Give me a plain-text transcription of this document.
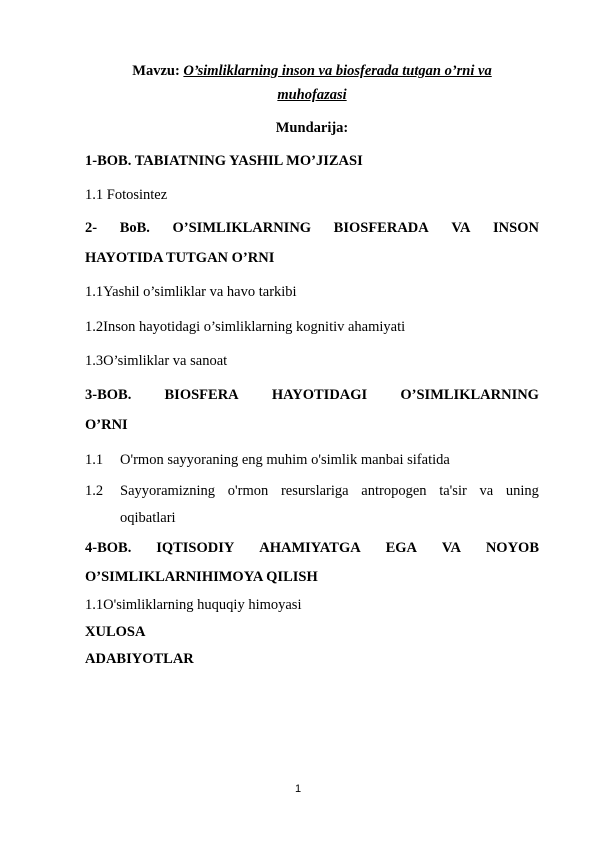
Mavzu: O’simliklarning inson va biosferada tutgan o’rni va
muhofazasi
Mundarija:
1-BOB. TABIATNING YASHIL MO’JIZASI
1.1 Fotosintez
2- BoB. O’SIMLIKLARNING BIOSFERADA VA INSON
HAYOTIDA TUTGAN O’RNI
1.1Yashil o’simliklar va havo tarkibi
1.2Inson hayotidagi o’simliklarning kognitiv ahamiyati
1.3O’simliklar va sanoat
3-BOB. BIOSFERA HAYOTIDAGI O’SIMLIKLARNING
O’RNI
1.1 O'rmon sayyoraning eng muhim o'simlik manbai sifatida
1.2 Sayyoramizning o'rmon resurslariga antropogen ta'sir va uning
oqibatlari
4-BOB. IQTISODIY AHAMIYATGA EGA VA NOYOB
O’SIMLIKLARNIHIMOYA QILISH
1.1O'simliklarning huquqiy himoyasi
XULOSA
ADABIYOTLAR
1
